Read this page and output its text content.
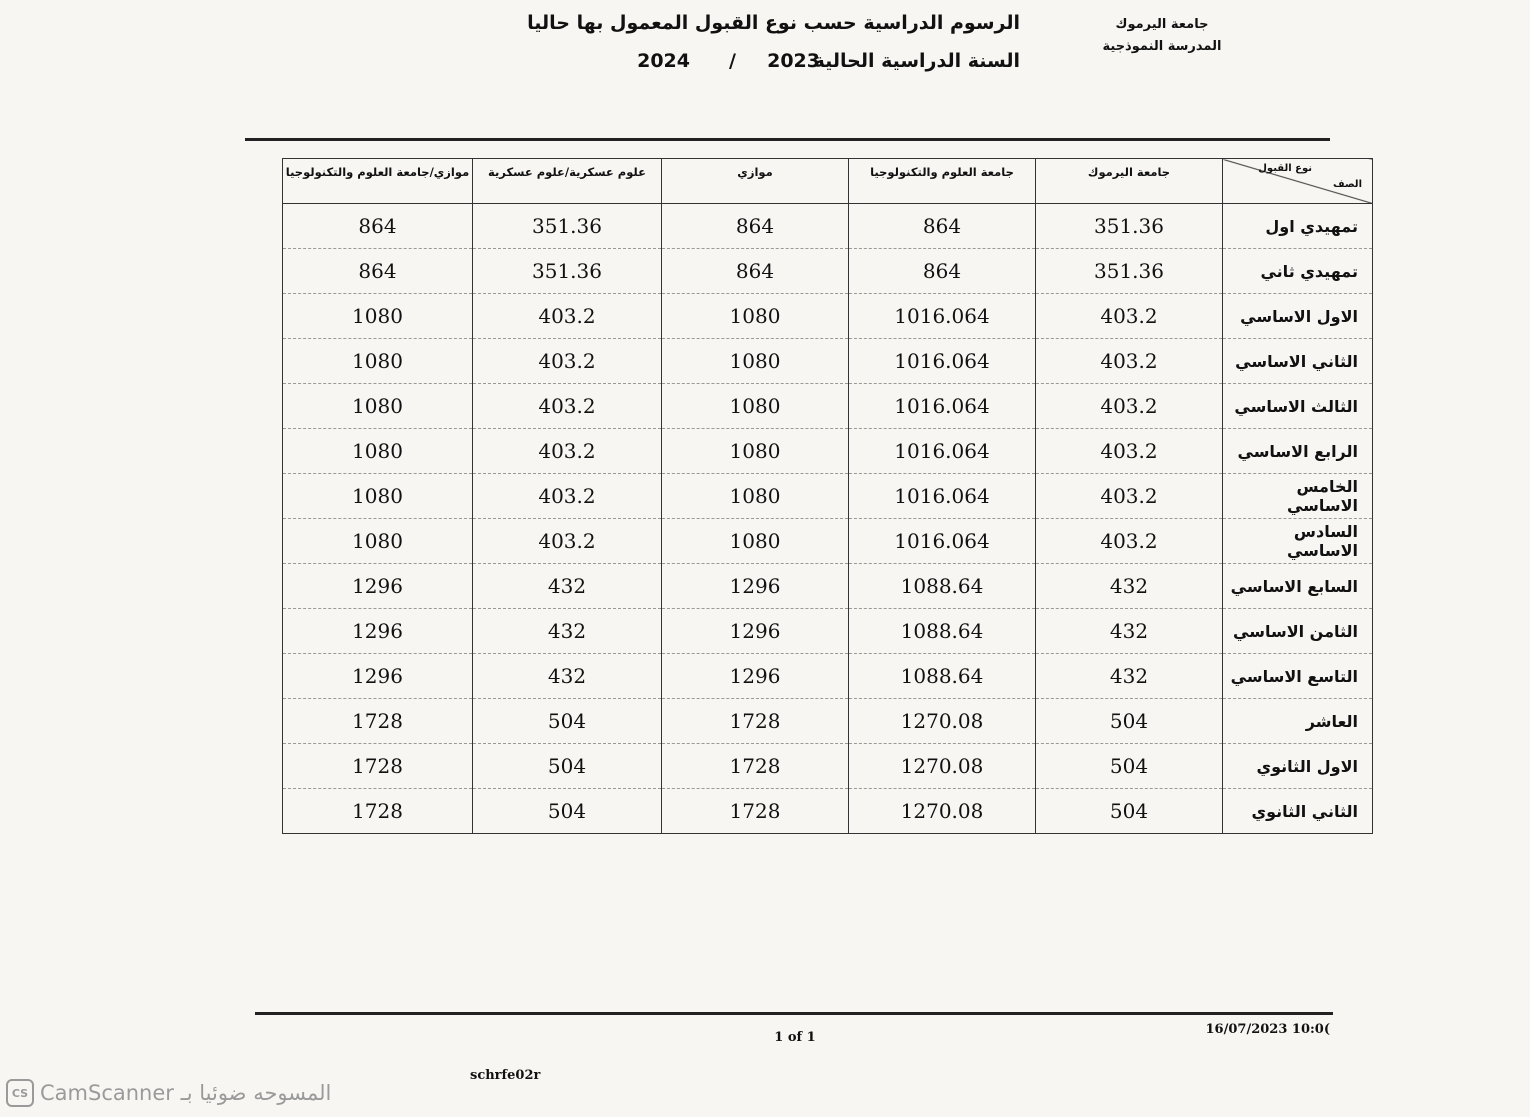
جامعة اليرموك
المدرسة النموذجية
الرسوم الدراسية حسب نوع القبول المعمول بها حاليا
السنة الدراسية الحالية
2023
/
2024
نوع القبول
الصف	جامعة اليرموك	جامعة العلوم والتكنولوجيا	موازي	علوم عسكرية/علوم عسكرية	موازي/جامعة العلوم والتكنولوجيا
تمهيدي اول	351.36	864	864	351.36	864
تمهيدي ثاني	351.36	864	864	351.36	864
الاول الاساسي	403.2	1016.064	1080	403.2	1080
الثاني الاساسي	403.2	1016.064	1080	403.2	1080
الثالث الاساسي	403.2	1016.064	1080	403.2	1080
الرابع الاساسي	403.2	1016.064	1080	403.2	1080
الخامس الاساسي	403.2	1016.064	1080	403.2	1080
السادس الاساسي	403.2	1016.064	1080	403.2	1080
السابع الاساسي	432	1088.64	1296	432	1296
الثامن الاساسي	432	1088.64	1296	432	1296
التاسع الاساسي	432	1088.64	1296	432	1296
العاشر	504	1270.08	1728	504	1728
الاول الثانوي	504	1270.08	1728	504	1728
الثاني الثانوي	504	1270.08	1728	504	1728
1 of 1
16/07/2023 10:0(
schrfe02r
CS المسوحه ضوئيا بـ CamScanner
